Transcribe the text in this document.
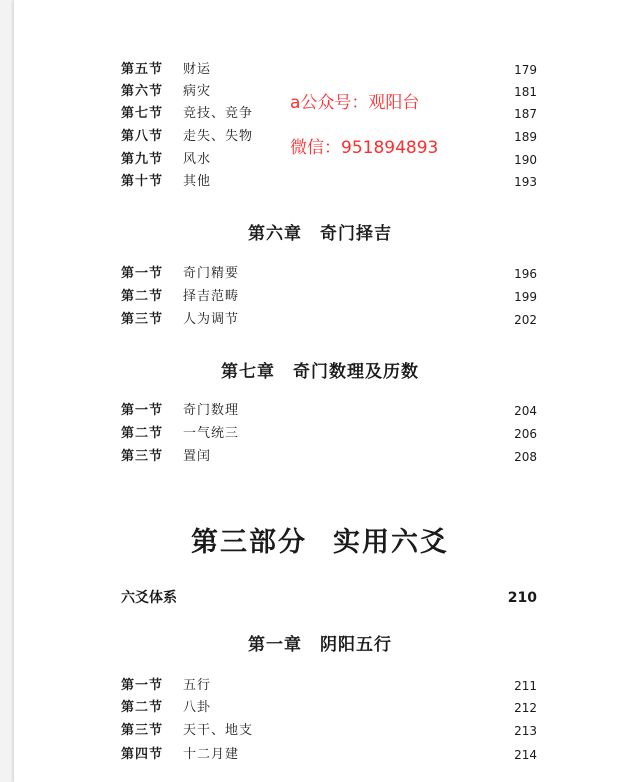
第五节 财运	179
第六节 病灾	181
第七节 竞技、竞争	187
第八节 走失、失物	189
第九节 风水	190
第十节 其他	193
第六章 奇门择吉
第一节 奇门精要	196
第二节 择吉范畴	199
第三节 人为调节	202
第七章 奇门数理及历数
第一节 奇门数理	204
第二节 一气统三	206
第三节 置闰	208
第三部分 实用六爻
六爻体系	210
第一章 阴阳五行
第一节 五行	211
第二节 八卦	212
第三节 天干、地支	213
第四节 十二月建	214
a公众号：观阳台
微信：951894893
